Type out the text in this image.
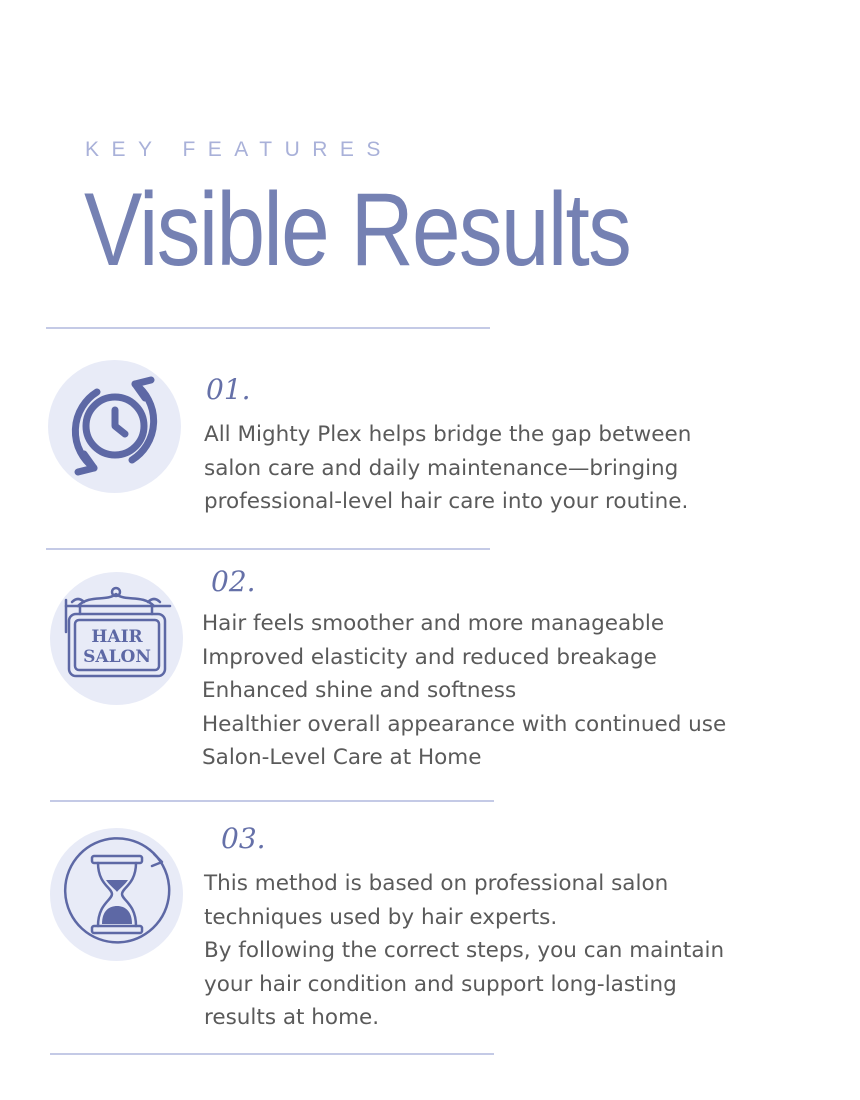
KEY FEATURES
Visible Results
01.

All Mighty Plex helps bridge the gap between salon care and daily maintenance—bringing professional-level hair care into your routine.

HAIR
SALON
02.

Hair feels smoother and more manageable

Improved elasticity and reduced breakage

Enhanced shine and softness

Healthier overall appearance with continued use

Salon-Level Care at Home

03.

This method is based on professional salon techniques used by hair experts.

By following the correct steps, you can maintain your hair condition and support long-lasting results at home.
